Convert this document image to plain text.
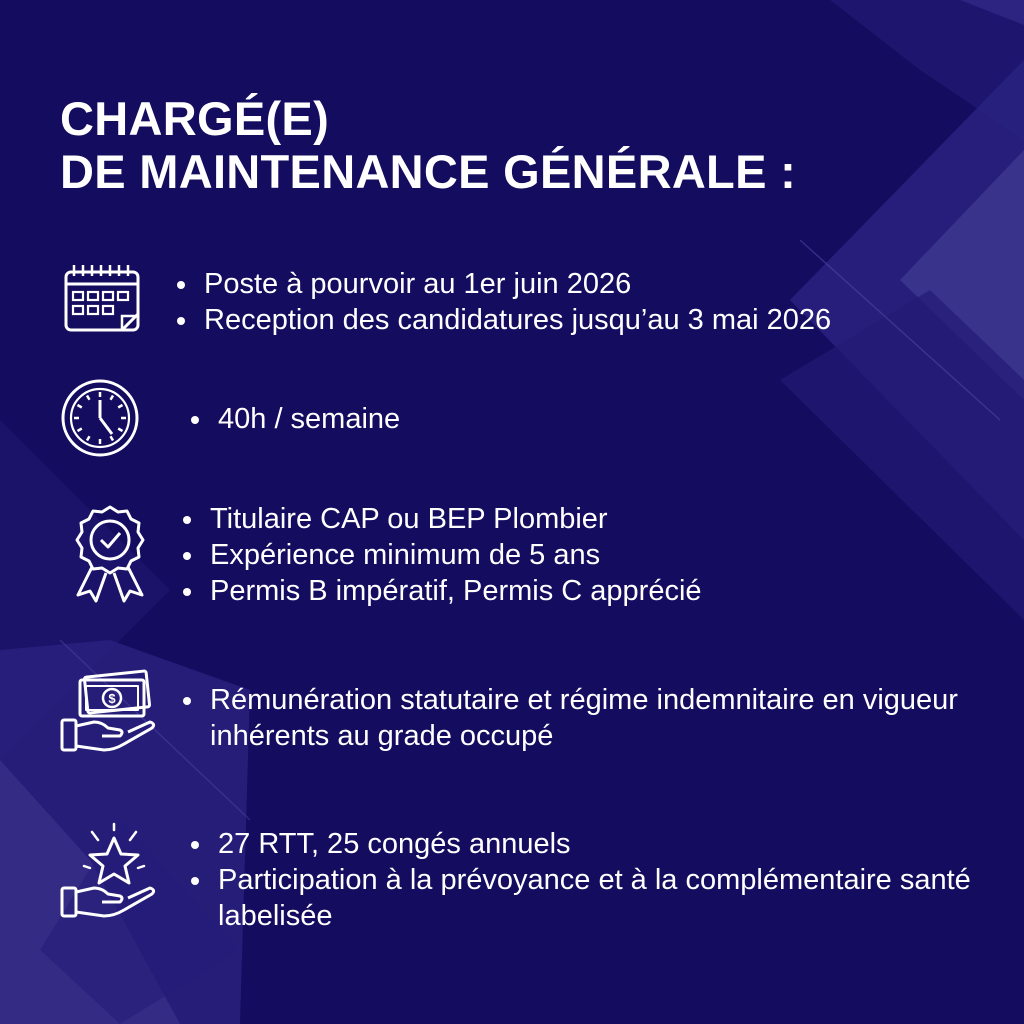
CHARGÉ(E)
DE MAINTENANCE GÉNÉRALE :
• Poste à pourvoir au 1er juin 2026
• Reception des candidatures jusqu’au 3 mai 2026
• 40h / semaine
• Titulaire CAP ou BEP Plombier
• Expérience minimum de 5 ans
• Permis B impératif, Permis C apprécié
$
•	Rémunération statutaire et régime indemnitaire en vigueur inhérents au grade occupé
• 27 RTT, 25 congés annuels
• Participation à la prévoyance et à la complémentaire santé labelisée
